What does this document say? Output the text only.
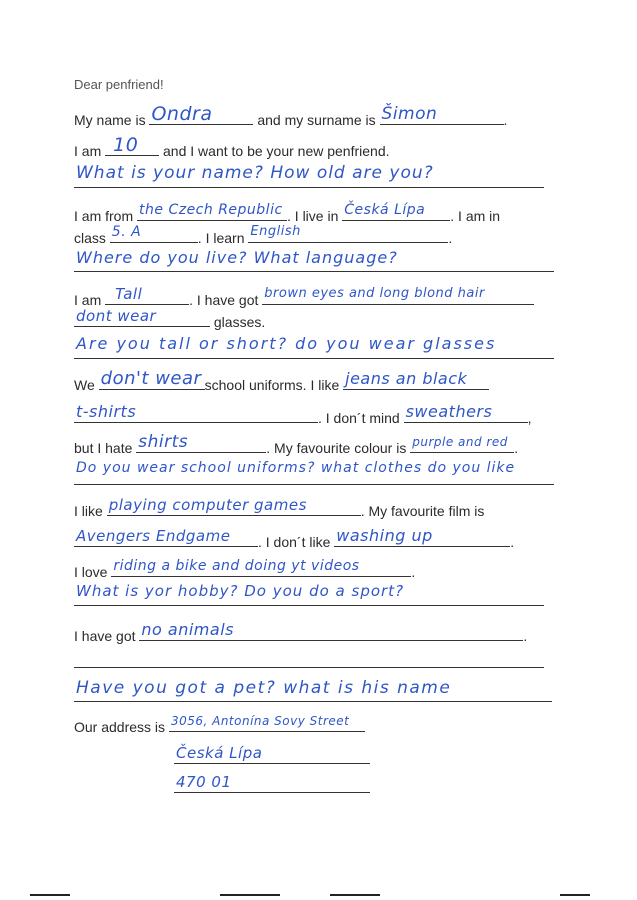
Dear penfriend!
My name is Ondra	and my surname is Šimon	.
I am 10 and I want to be your new penfriend.
What is your name? How old are you?
I am from the Czech Republic . I live in Česká Lípa . I am in
class 5. A	. I learn English	.
Where do you live? What language?
I am Tall	. I have got brown eyes and long blond hair
dont wear	glasses.
Are you tall or short? do you wear glasses
We don't wear school uniforms. I like jeans an black
t-shirts	. I don´t mind sweathers	,
but I hate shirts	. My favourite colour is purple and red .
Do you wear school uniforms? what clothes do you like
I like playing computer games	. My favourite film is
Avengers Endgame . I don´t like washing up	.
I love riding a bike and doing yt videos	.
What is yor hobby? Do you do a sport?
I have got no animals	.
Have you got a pet? what is his name
Our address is 3056, Antonína Sovy Street
Česká Lípa
470 01
